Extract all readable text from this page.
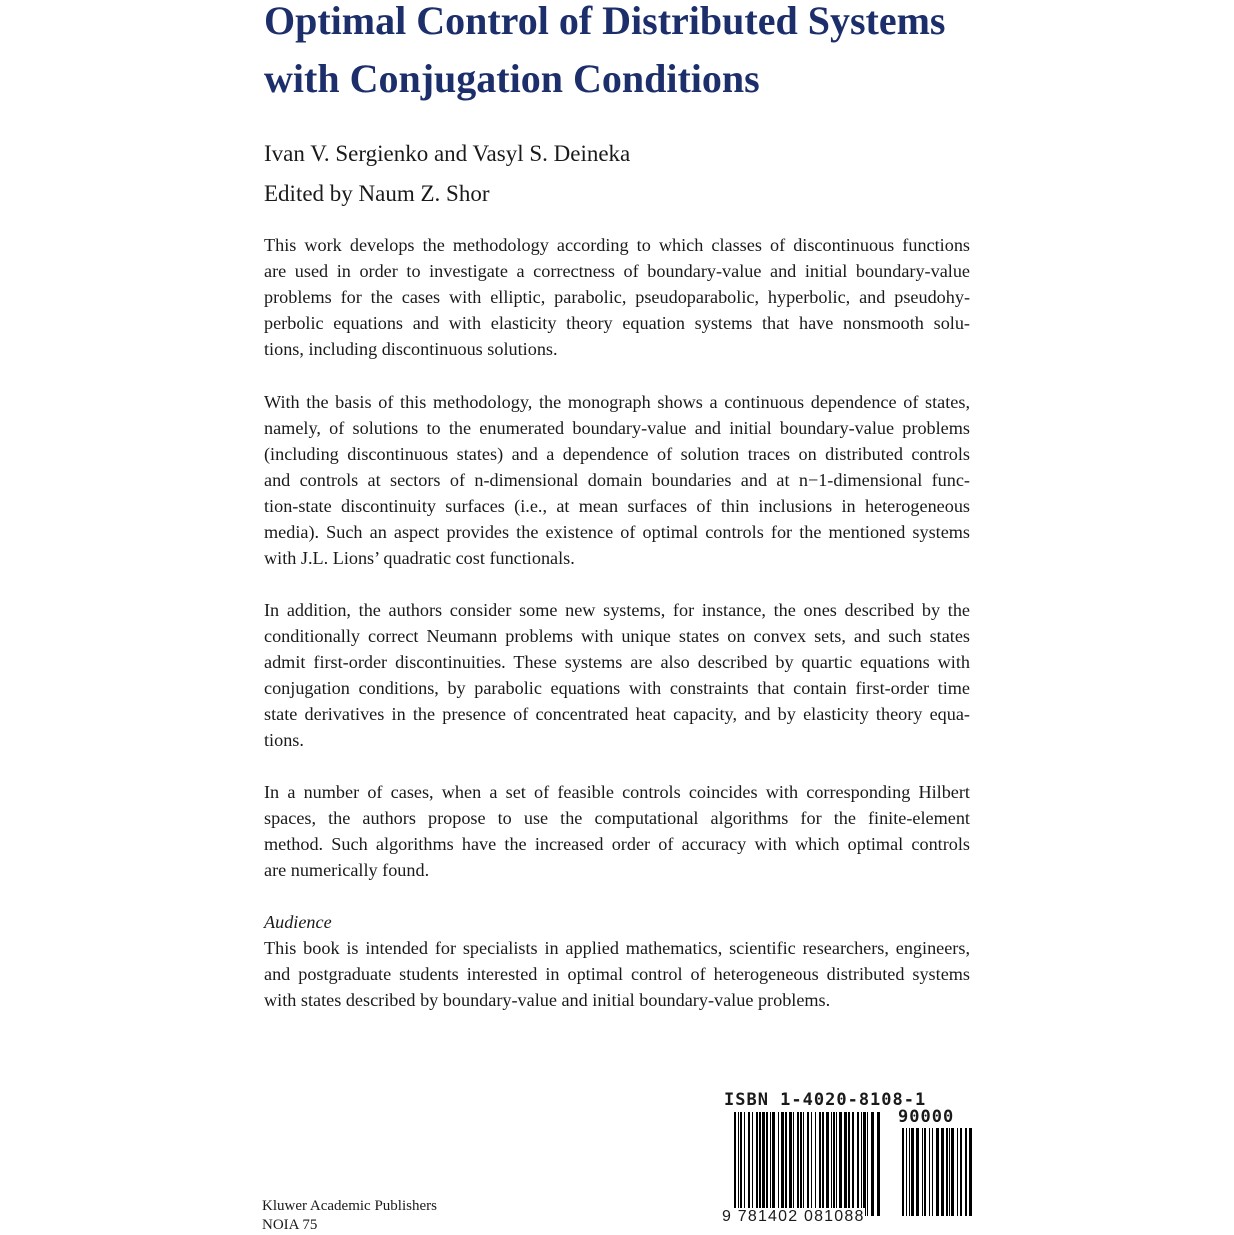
Optimal Control of Distributed Systems
with Conjugation Conditions

Ivan V. Sergienko and Vasyl S. Deineka

Edited by Naum Z. Shor

This work develops the methodology according to which classes of discontinuous functions
are used in order to investigate a correctness of boundary-value and initial boundary-value
problems for the cases with elliptic, parabolic, pseudoparabolic, hyperbolic, and pseudohy-
perbolic equations and with elasticity theory equation systems that have nonsmooth solu-
tions, including discontinuous solutions.
With the basis of this methodology, the monograph shows a continuous dependence of states,
namely, of solutions to the enumerated boundary-value and initial boundary-value problems
(including discontinuous states) and a dependence of solution traces on distributed controls
and controls at sectors of n-dimensional domain boundaries and at n−1-dimensional func-
tion-state discontinuity surfaces (i.e., at mean surfaces of thin inclusions in heterogeneous
media). Such an aspect provides the existence of optimal controls for the mentioned systems
with J.L. Lions’ quadratic cost functionals.
In addition, the authors consider some new systems, for instance, the ones described by the
conditionally correct Neumann problems with unique states on convex sets, and such states
admit first-order discontinuities. These systems are also described by quartic equations with
conjugation conditions, by parabolic equations with constraints that contain first-order time
state derivatives in the presence of concentrated heat capacity, and by elasticity theory equa-
tions.
In a number of cases, when a set of feasible controls coincides with corresponding Hilbert
spaces, the authors propose to use the computational algorithms for the finite-element
method. Such algorithms have the increased order of accuracy with which optimal controls
are numerically found.

Audience

This book is intended for specialists in applied mathematics, scientific researchers, engineers,
and postgraduate students interested in optimal control of heterogeneous distributed systems
with states described by boundary-value and initial boundary-value problems.
Kluwer Academic Publishers
NOIA 75
ISBN 1-4020-8108-1
90000
9 781402 081088
